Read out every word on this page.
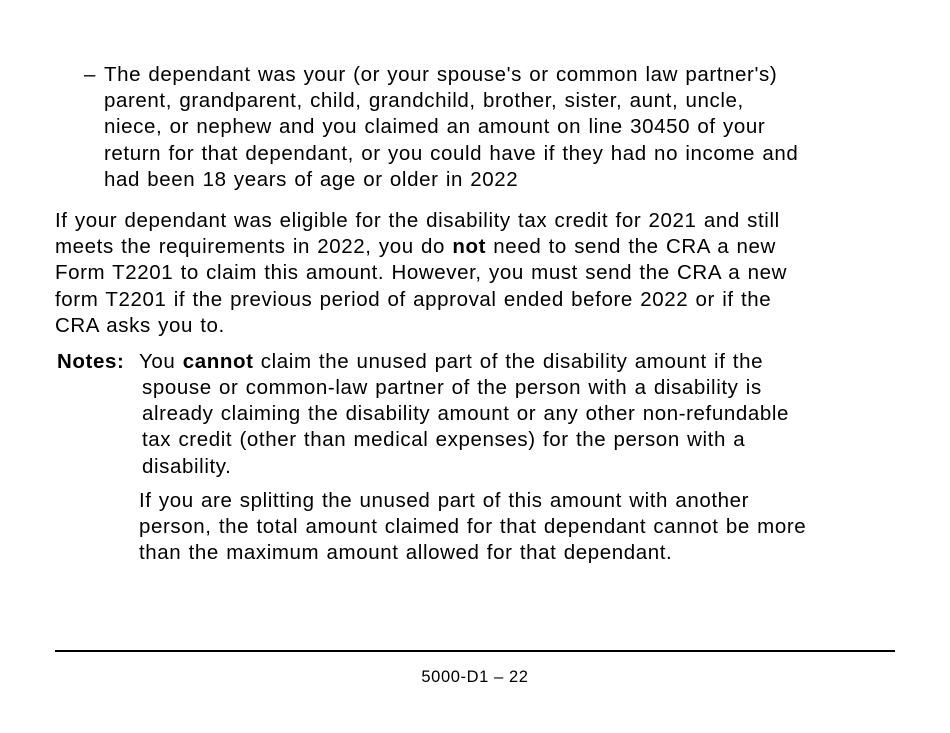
– The dependant was your (or your spouse's or common law partner's)
parent, grandparent, child, grandchild, brother, sister, aunt, uncle,
niece, or nephew and you claimed an amount on line 30450 of your
return for that dependant, or you could have if they had no income and
had been 18 years of age or older in 2022
If your dependant was eligible for the disability tax credit for 2021 and still
meets the requirements in 2022, you do not need to send the CRA a new
Form T2201 to claim this amount. However, you must send the CRA a new
form T2201 if the previous period of approval ended before 2022 or if the
CRA asks you to.
Notes: You cannot claim the unused part of the disability amount if the
spouse or common-law partner of the person with a disability is
already claiming the disability amount or any other non-refundable
tax credit (other than medical expenses) for the person with a
disability.
If you are splitting the unused part of this amount with another
person, the total amount claimed for that dependant cannot be more
than the maximum amount allowed for that dependant.
5000-D1 – 22
